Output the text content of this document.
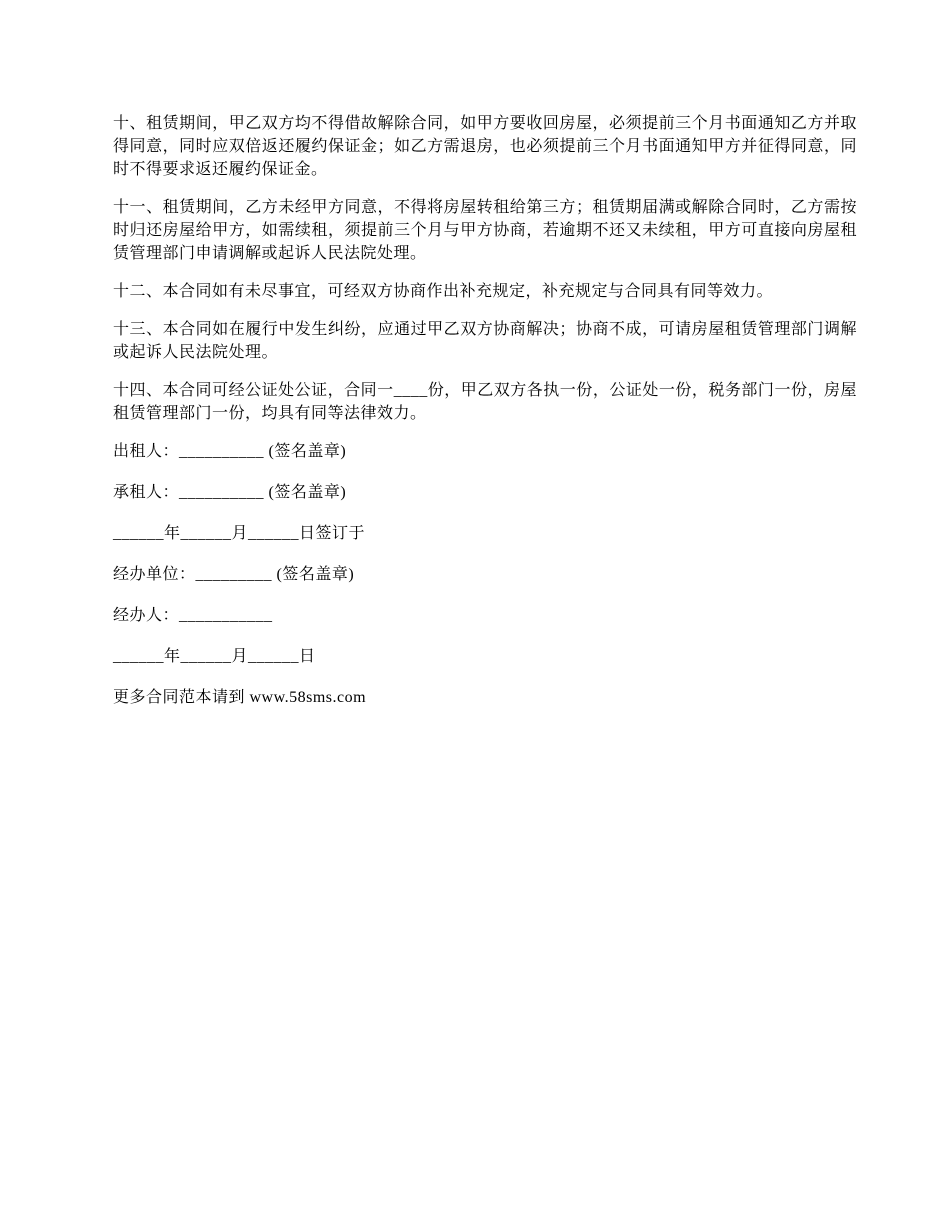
十、租赁期间，甲乙双方均不得借故解除合同，如甲方要收回房屋，必须提前三个月书面通知乙方并取得同意，同时应双倍返还履约保证金；如乙方需退房，也必须提前三个月书面通知甲方并征得同意，同时不得要求返还履约保证金。

十一、租赁期间，乙方未经甲方同意，不得将房屋转租给第三方；租赁期届满或解除合同时，乙方需按时归还房屋给甲方，如需续租，须提前三个月与甲方协商，若逾期不还又未续租，甲方可直接向房屋租赁管理部门申请调解或起诉人民法院处理。

十二、本合同如有未尽事宜，可经双方协商作出补充规定，补充规定与合同具有同等效力。

十三、本合同如在履行中发生纠纷，应通过甲乙双方协商解决；协商不成，可请房屋租赁管理部门调解或起诉人民法院处理。

十四、本合同可经公证处公证，合同一____份，甲乙双方各执一份，公证处一份，税务部门一份，房屋租赁管理部门一份，均具有同等法律效力。

出租人：__________ (签名盖章)

承租人：__________ (签名盖章)

______年______月______日签订于

经办单位：_________ (签名盖章)

经办人：___________

______年______月______日

更多合同范本请到 www.58sms.com
